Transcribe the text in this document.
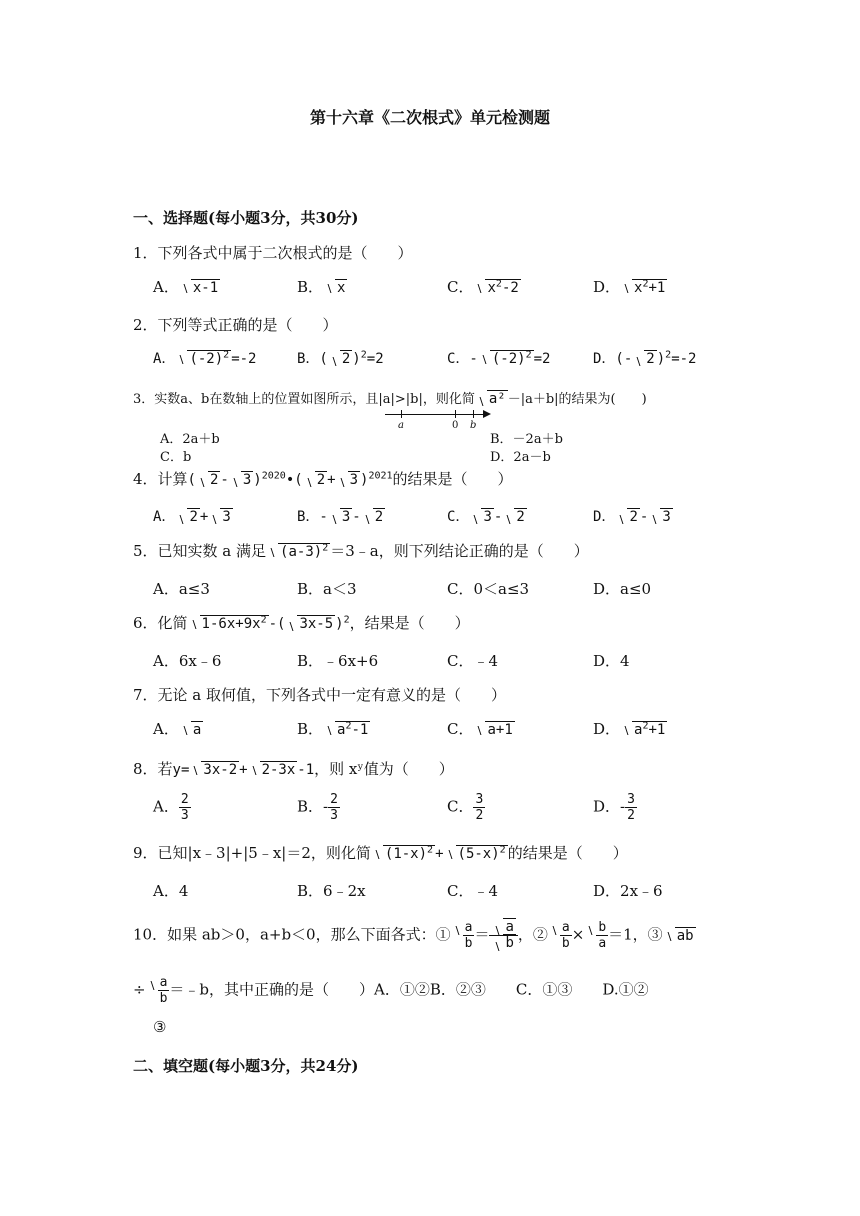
第十六章《二次根式》单元检测题
一、选择题(每小题3分，共30分)
1．下列各式中属于二次根式的是（　　）
A． x-1	B． x	C． $x^2-2$	D． $x^2+1$
2．下列等式正确的是（　　）
A． $(-2)^2 =-2$	B．( 2 )$^2$=2	C．- $(-2)^2 =2$	D．(- 2 )$^2$=-2
3．实数a、b在数轴上的位置如图所示，且|a|>|b|，则化简 a² －|a＋b|的结果为(　　)
a	0 b
A．2a＋b	B．－2a＋b
C．b	D．2a－b
4．计算( 2 - 3 )$^{2020}$•( 2 + 3 )$^{2021}$的结果是（　　）
A． 2 + 3	B．- 3 - 2	C． 3 - 2	D． 2 - 3
5．已知实数 a 满足 $(a-3)^2$ ＝3﹣a，则下列结论正确的是（　　）
A．a≤3	B．a＜3	C．0＜a≤3	D．a≤0
6．化简 $1-6x+9x^2$ -( 3x-5 )$^2$，结果是（　　）
A．6x﹣6	B．﹣6x+6	C．﹣4	D．4
7．无论 a 取何值，下列各式中一定有意义的是（　　）
A． a	B． $a^2-1$	C． a+1	D． $a^2+1$
8．若y= 3x-2 + 2-3x -1，则 xʸ值为（　　）
A． $\frac{2}{3}$	B．- $\frac{2}{3}$	C． $\frac{3}{2}$	D．- $\frac{3}{2}$
9．已知|x﹣3|+|5﹣x|＝2，则化简 $(1-x)^2 + (5-x)^2$ 的结果是（　　）
A．4	B．6﹣2x	C．﹣4	D．2x﹣6
10．如果 ab＞0，a+b＜0，那么下面各式：① $\frac{a}{b} = \frac{a}{b}$ ，② $\frac{a}{b} \times \frac{b}{a} =1$，③ ab
÷ $\frac{a}{b}$ ＝﹣b，其中正确的是（　　）A．①②B．②③　　C．①③　　D.①②
③
二、填空题(每小题3分，共24分)
